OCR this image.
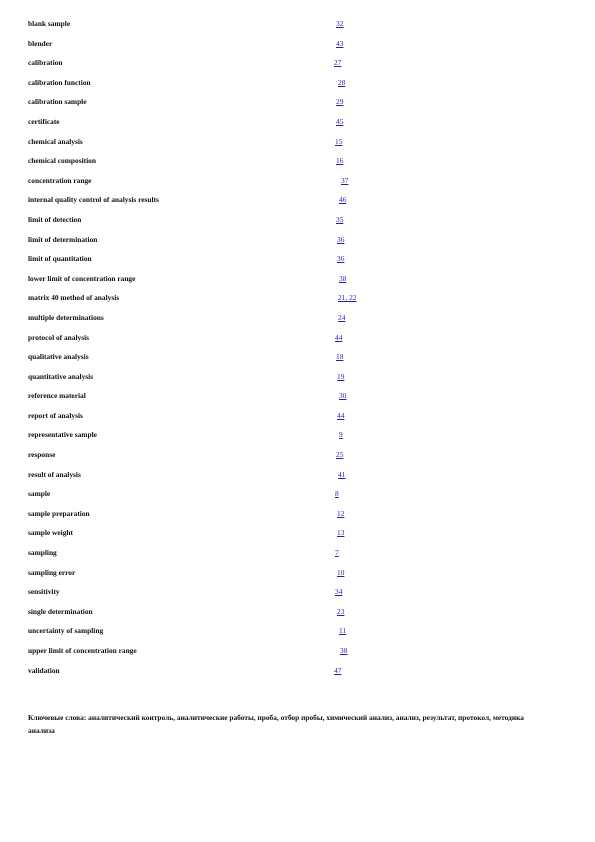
blank sample	32
blender	43
calibration	27
calibration function	28
calibration sample	29
certificate	45
chemical analysis	15
chemical composition	16
concentration range	37
internal quality control of analysis results	46
limit of detection	35
limit of determination	36
limit of quantitation	36
lower limit of concentration range	38
matrix 40 method of analysis	21, 22
multiple determinations	24
protocol of analysis	44
qualitative analysis	18
quantitative analysis	19
reference material	30
report of analysis	44
representative sample	9
response	25
result of analysis	41
sample	8
sample preparation	12
sample weight	13
sampling	7
sampling error	10
sensitivity	34
single determination	23
uncertainty of sampling	11
upper limit of concentration range	38
validation	47
Ключевые слова: аналитический контроль, аналитические работы, проба, отбор пробы, химический анализ, анализ, результат, протокол, методика анализа
